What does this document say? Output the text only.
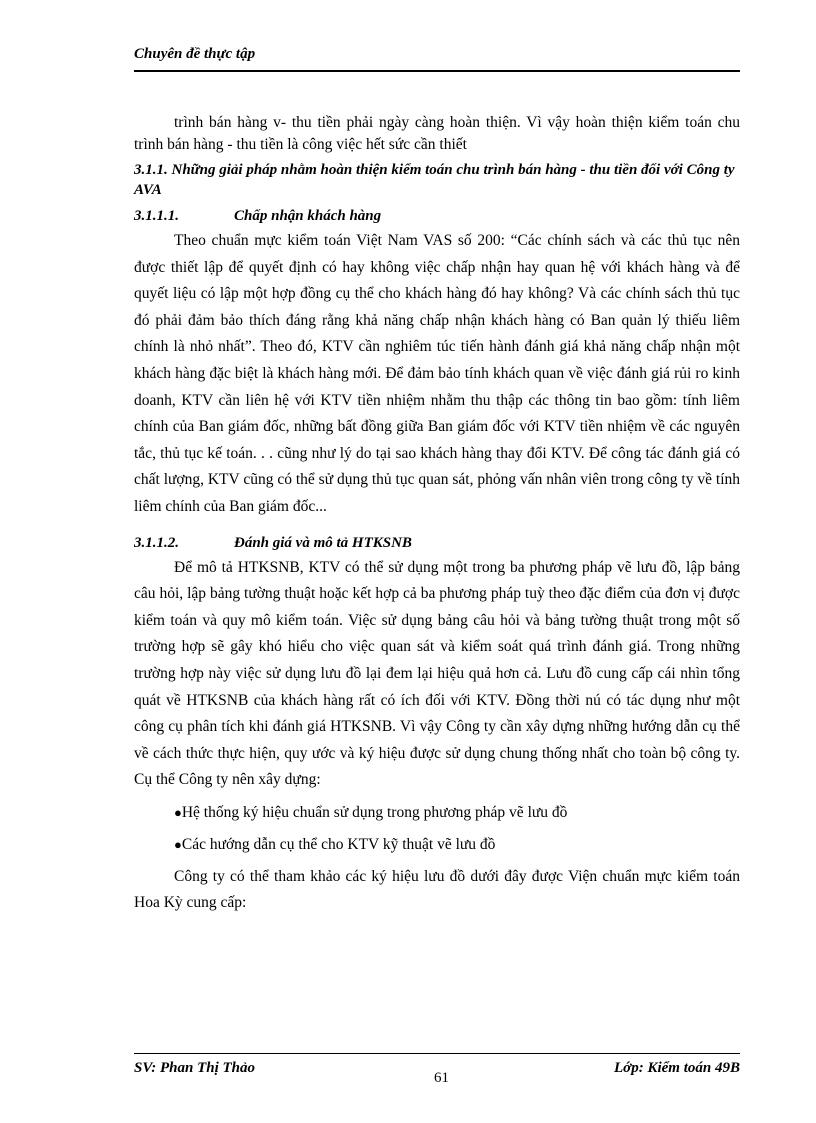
Chuyên đề thực tập

trình bán hàng v- thu tiền phải ngày càng hoàn thiện. Vì vậy hoàn thiện kiểm toán chu trình bán hàng - thu tiền là công việc hết sức cần thiết

3.1.1. Những giải pháp nhằm hoàn thiện kiểm toán chu trình bán hàng - thu tiền đối với Công ty AVA

3.1.1.1.	Chấp nhận khách hàng

Theo chuẩn mực kiểm toán Việt Nam VAS số 200: “Các chính sách và các thủ tục nên được thiết lập để quyết định có hay không việc chấp nhận hay quan hệ với khách hàng và để quyết liệu có lập một hợp đồng cụ thể cho khách hàng đó hay không? Và các chính sách thủ tục đó phải đảm bảo thích đáng rằng khả năng chấp nhận khách hàng có Ban quản lý thiếu liêm chính là nhỏ nhất”. Theo đó, KTV cần nghiêm túc tiến hành đánh giá khả năng chấp nhận một khách hàng đặc biệt là khách hàng mới. Để đảm bảo tính khách quan về việc đánh giá rủi ro kinh doanh, KTV cần liên hệ với KTV tiền nhiệm nhằm thu thập các thông tin bao gồm: tính liêm chính của Ban giám đốc, những bất đồng giữa Ban giám đốc với KTV tiền nhiệm về các nguyên tắc, thủ tục kế toán. . . cũng như lý do tại sao khách hàng thay đổi KTV. Để công tác đánh giá có chất lượng, KTV cũng có thể sử dụng thủ tục quan sát, phỏng vấn nhân viên trong công ty về tính liêm chính của Ban giám đốc...

3.1.1.2.	Đánh giá và mô tả HTKSNB

Để mô tả HTKSNB, KTV có thể sử dụng một trong ba phương pháp vẽ lưu đồ, lập bảng câu hỏi, lập bảng tường thuật hoặc kết hợp cả ba phương pháp tuỳ theo đặc điểm của đơn vị được kiểm toán và quy mô kiểm toán. Việc sử dụng bảng câu hỏi và bảng tường thuật trong một số trường hợp sẽ gây khó hiểu cho việc quan sát và kiểm soát quá trình đánh giá. Trong những trường hợp này việc sử dụng lưu đồ lại đem lại hiệu quả hơn cả. Lưu đồ cung cấp cái nhìn tổng quát về HTKSNB của khách hàng rất có ích đối với KTV. Đồng thời nú có tác dụng như một công cụ phân tích khi đánh giá HTKSNB. Vì vậy Công ty cần xây dựng những hướng dẫn cụ thể về cách thức thực hiện, quy ước và ký hiệu được sử dụng chung thống nhất cho toàn bộ công ty. Cụ thể Công ty nên xây dựng:

●Hệ thống ký hiệu chuẩn sử dụng trong phương pháp vẽ lưu đồ

●Các hướng dẫn cụ thể cho KTV kỹ thuật vẽ lưu đồ

Công ty có thể tham khảo các ký hiệu lưu đồ dưới đây được Viện chuẩn mực kiểm toán Hoa Kỳ cung cấp:

SV: Phan Thị Thảo
61
Lớp: Kiểm toán 49B
